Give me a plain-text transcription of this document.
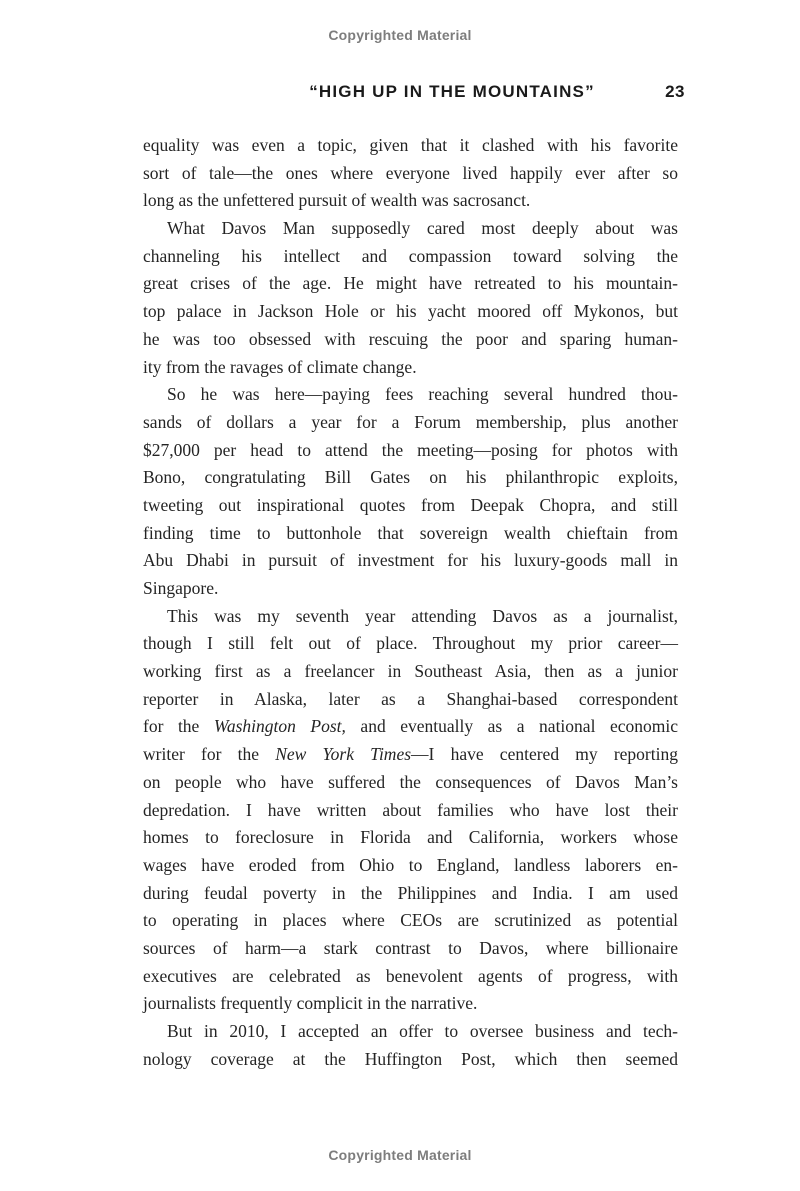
Copyrighted Material
“HIGH UP IN THE MOUNTAINS”	23
equality was even a topic, given that it clashed with his favorite
sort of tale—the ones where everyone lived happily ever after so
long as the unfettered pursuit of wealth was sacrosanct.
What Davos Man supposedly cared most deeply about was
channeling his intellect and compassion toward solving the
great crises of the age. He might have retreated to his mountain-
top palace in Jackson Hole or his yacht moored off Mykonos, but
he was too obsessed with rescuing the poor and sparing human-
ity from the ravages of climate change.
So he was here—paying fees reaching several hundred thou-
sands of dollars a year for a Forum membership, plus another
$27,000 per head to attend the meeting—posing for photos with
Bono, congratulating Bill Gates on his philanthropic exploits,
tweeting out inspirational quotes from Deepak Chopra, and still
finding time to buttonhole that sovereign wealth chieftain from
Abu Dhabi in pursuit of investment for his luxury-goods mall in
Singapore.
This was my seventh year attending Davos as a journalist,
though I still felt out of place. Throughout my prior career—
working first as a freelancer in Southeast Asia, then as a junior
reporter in Alaska, later as a Shanghai-based correspondent
for the Washington Post, and eventually as a national economic
writer for the New York Times—I have centered my reporting
on people who have suffered the consequences of Davos Man’s
depredation. I have written about families who have lost their
homes to foreclosure in Florida and California, workers whose
wages have eroded from Ohio to England, landless laborers en-
during feudal poverty in the Philippines and India. I am used
to operating in places where CEOs are scrutinized as potential
sources of harm—a stark contrast to Davos, where billionaire
executives are celebrated as benevolent agents of progress, with
journalists frequently complicit in the narrative.
But in 2010, I accepted an offer to oversee business and tech-
nology coverage at the Huffington Post, which then seemed
Copyrighted Material
